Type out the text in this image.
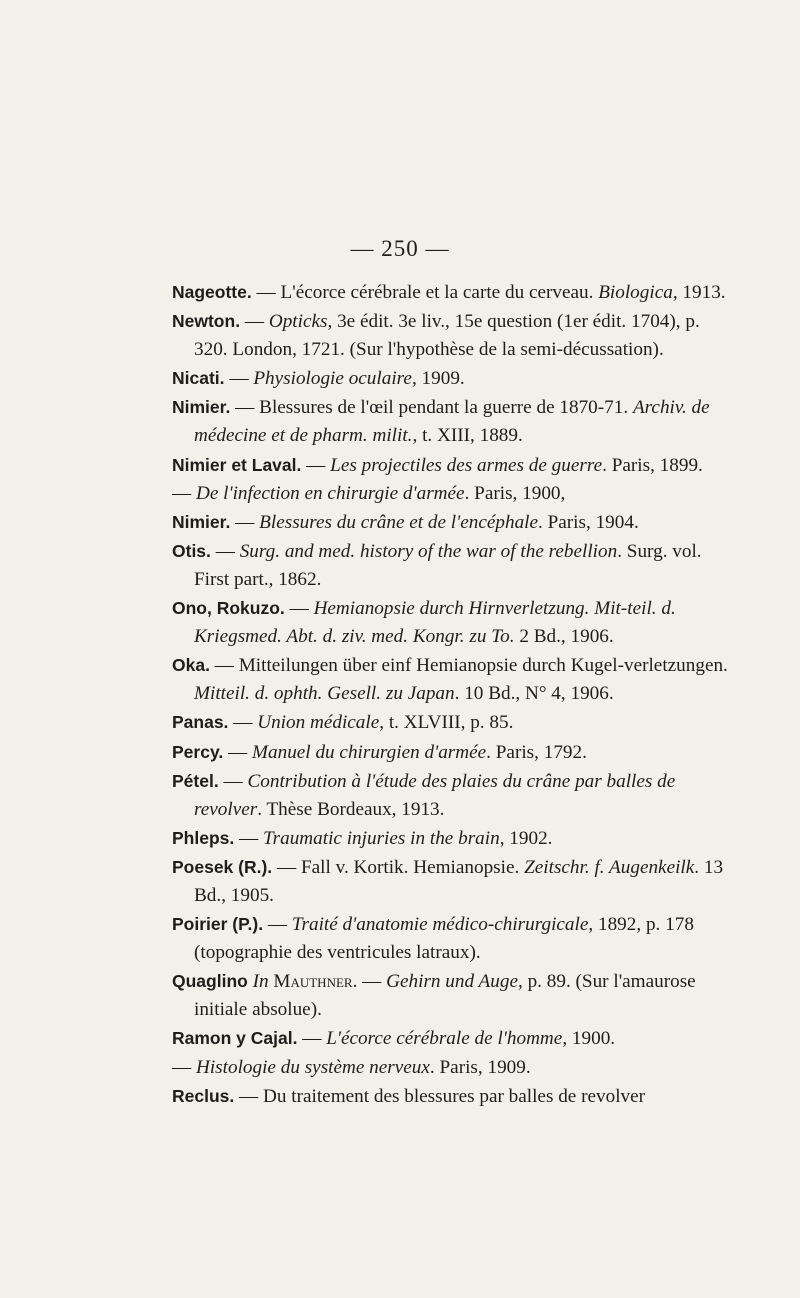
— 250 —

Nageotte. — L'écorce cérébrale et la carte du cerveau. Biologica, 1913.

Newton. — Opticks, 3e édit. 3e liv., 15e question (1er édit. 1704), p. 320. London, 1721. (Sur l'hypothèse de la semi-décussation).

Nicati. — Physiologie oculaire, 1909.

Nimier. — Blessures de l'œil pendant la guerre de 1870-71. Archiv. de médecine et de pharm. milit., t. XIII, 1889.

Nimier et Laval. — Les projectiles des armes de guerre. Paris, 1899.

— De l'infection en chirurgie d'armée. Paris, 1900,

Nimier. — Blessures du crâne et de l'encéphale. Paris, 1904.

Otis. — Surg. and med. history of the war of the rebellion. Surg. vol. First part., 1862.

Ono, Rokuzo. — Hemianopsie durch Hirnverletzung. Mit-teil. d. Kriegsmed. Abt. d. ziv. med. Kongr. zu To. 2 Bd., 1906.

Oka. — Mitteilungen über einf Hemianopsie durch Kugel-verletzungen. Mitteil. d. ophth. Gesell. zu Japan. 10 Bd., N° 4, 1906.

Panas. — Union médicale, t. XLVIII, p. 85.

Percy. — Manuel du chirurgien d'armée. Paris, 1792.

Pétel. — Contribution à l'étude des plaies du crâne par balles de revolver. Thèse Bordeaux, 1913.

Phleps. — Traumatic injuries in the brain, 1902.

Poesek (R.). — Fall v. Kortik. Hemianopsie. Zeitschr. f. Augenkeilk. 13 Bd., 1905.

Poirier (P.). — Traité d'anatomie médico-chirurgicale, 1892, p. 178 (topographie des ventricules latraux).

Quaglino In Mauthner. — Gehirn und Auge, p. 89. (Sur l'amaurose initiale absolue).

Ramon y Cajal. — L'écorce cérébrale de l'homme, 1900.

— Histologie du système nerveux. Paris, 1909.

Reclus. — Du traitement des blessures par balles de revolver
